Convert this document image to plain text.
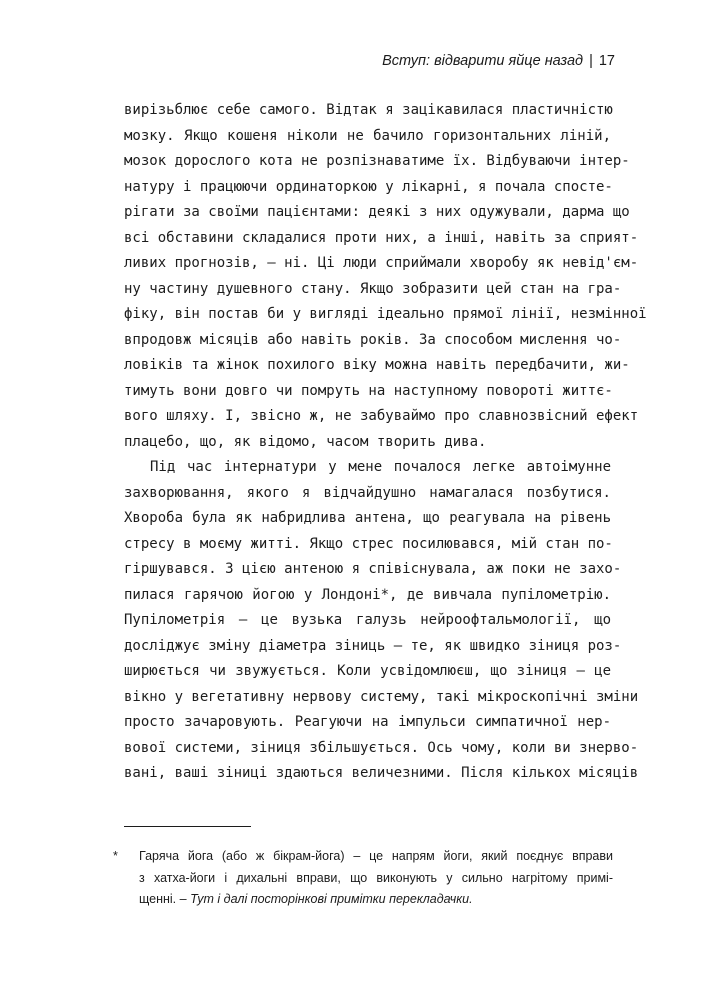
Вступ: відварити яйце назад | 17
вирізьблює себе самого. Відтак я зацікавилася пластичністю
мозку. Якщо кошеня ніколи не бачило горизонтальних ліній,
мозок дорослого кота не розпізнаватиме їх. Відбуваючи інтер-
натуру і працюючи ординаторкою у лікарні, я почала спосте-
рігати за своїми пацієнтами: деякі з них одужували, дарма що
всі обставини складалися проти них, а інші, навіть за сприят-
ливих прогнозів, – ні. Ці люди сприймали хворобу як невід'єм-
ну частину душевного стану. Якщо зобразити цей стан на гра-
фіку, він постав би у вигляді ідеально прямої лінії, незмінної
впродовж місяців або навіть років. За способом мислення чо-
ловіків та жінок похилого віку можна навіть передбачити, жи-
тимуть вони довго чи помруть на наступному повороті життє-
вого шляху. І, звісно ж, не забуваймо про славнозвісний ефект
плацебо, що, як відомо, часом творить дива.
Під час інтернатури у мене почалося легке автоімунне
захворювання, якого я відчайдушно намагалася позбутися.
Хвороба була як набридлива антена, що реагувала на рівень
стресу в моєму житті. Якщо стрес посилювався, мій стан по-
гіршувався. З цією антеною я співіснувала, аж поки не захо-
пилася гарячою йогою у Лондоні*, де вивчала пупілометрію.
Пупілометрія – це вузька галузь нейроофтальмології, що
досліджує зміну діаметра зіниць – те, як швидко зіниця роз-
ширюється чи звужується. Коли усвідомлюєш, що зіниця – це
вікно у вегетативну нервову систему, такі мікроскопічні зміни
просто зачаровують. Реагуючи на імпульси симпатичної нер-
вової системи, зіниця збільшується. Ось чому, коли ви знерво-
вані, ваші зіниці здаються величезними. Після кількох місяців
* Гаряча йога (або ж бікрам-йога) – це напрям йоги, який поєднує вправи
з хатха-йоги і дихальні вправи, що виконують у сильно нагрітому примі-
щенні. – Тут і далі посторінкові примітки перекладачки.
